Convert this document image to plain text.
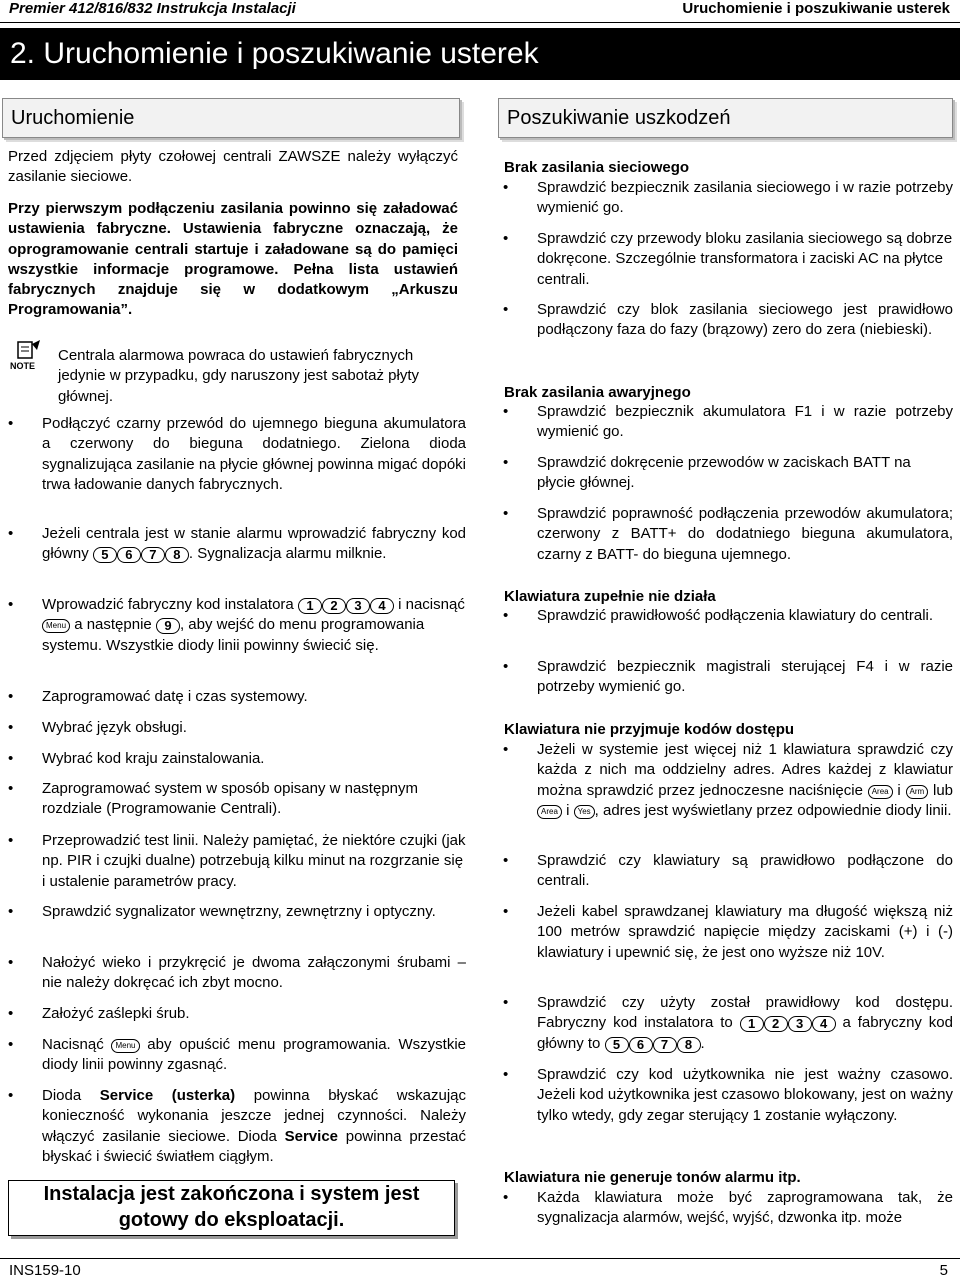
Premier 412/816/832 Instrukcja Instalacji	Uruchomienie i poszukiwanie usterek
2. Uruchomienie i poszukiwanie usterek
Uruchomienie	Poszukiwanie uszkodzeń

Przed zdjęciem płyty czołowej centrali ZAWSZE należy wyłączyć zasilanie sieciowe.

Przy pierwszym podłączeniu zasilania powinno się załadować ustawienia fabryczne. Ustawienia fabryczne oznaczają, że oprogramowanie centrali startuje i załadowane są do pamięci wszystkie informacje programowe. Pełna lista ustawień fabrycznych znajduje się w dodatkowym „Arkuszu Programowania”.

NOTE

Centrala alarmowa powraca do ustawień fabrycznych jedynie w przypadku, gdy naruszony jest sabotaż płyty głównej.

• Podłączyć czarny przewód do ujemnego bieguna akumulatora a czerwony do bieguna dodatniego. Zielona dioda sygnalizująca zasilanie na płycie głównej powinna migać dopóki trwa ładowanie danych fabrycznych.
• Jeżeli centrala jest w stanie alarmu wprowadzić fabryczny kod główny 5 6 7 8 . Sygnalizacja alarmu milknie.
• Wprowadzić fabryczny kod instalatora 1 2 3 4 i nacisnąć Menu a następnie 9 , aby wejść do menu programowania systemu. Wszystkie diody linii powinny świecić się.
• Zaprogramować datę i czas systemowy.
• Wybrać język obsługi.
• Wybrać kod kraju zainstalowania.
• Zaprogramować system w sposób opisany w następnym rozdziale (Programowanie Centrali).
• Przeprowadzić test linii. Należy pamiętać, że niektóre czujki (jak np. PIR i czujki dualne) potrzebują kilku minut na rozgrzanie się i ustalenie parametrów pracy.
• Sprawdzić sygnalizator wewnętrzny, zewnętrzny i optyczny.
• Nałożyć wieko i przykręcić je dwoma załączonymi śrubami – nie należy dokręcać ich zbyt mocno.
• Założyć zaślepki śrub.
• Nacisnąć Menu aby opuścić menu programowania. Wszystkie diody linii powinny zgasnąć.
• Dioda Service (usterka) powinna błyskać wskazując konieczność wykonania jeszcze jednej czynności. Należy włączyć zasilanie sieciowe. Dioda Service powinna przestać błyskać i świecić światłem ciągłym.
Instalacja jest zakończona i system jest gotowy do eksploatacji.
Brak zasilania sieciowego
• Sprawdzić bezpiecznik zasilania sieciowego i w razie potrzeby wymienić go.
• Sprawdzić czy przewody bloku zasilania sieciowego są dobrze dokręcone. Szczególnie transformatora i zaciski AC na płytce centrali.
• Sprawdzić czy blok zasilania sieciowego jest prawidłowo podłączony faza do fazy (brązowy) zero do zera (niebieski).
Brak zasilania awaryjnego
• Sprawdzić bezpiecznik akumulatora F1 i w razie potrzeby wymienić go.
• Sprawdzić dokręcenie przewodów w zaciskach BATT na płycie głównej.
• Sprawdzić poprawność podłączenia przewodów akumulatora; czerwony z BATT+ do dodatniego bieguna akumulatora, czarny z BATT- do bieguna ujemnego.
Klawiatura zupełnie nie działa
• Sprawdzić prawidłowość podłączenia klawiatury do centrali.
• Sprawdzić bezpiecznik magistrali sterującej F4 i w razie potrzeby wymienić go.
Klawiatura nie przyjmuje kodów dostępu
• Jeżeli w systemie jest więcej niż 1 klawiatura sprawdzić czy każda z nich ma oddzielny adres. Adres każdej z klawiatur można sprawdzić przez jednoczesne naciśnięcie Area i Arm lub Area i Yes , adres jest wyświetlany przez odpowiednie diody linii.
• Sprawdzić czy klawiatury są prawidłowo podłączone do centrali.
• Jeżeli kabel sprawdzanej klawiatury ma długość większą niż 100 metrów sprawdzić napięcie między zaciskami (+) i (-) klawiatury i upewnić się, że jest ono wyższe niż 10V.
• Sprawdzić czy użyty został prawidłowy kod dostępu. Fabryczny kod instalatora to 1 2 3 4 a fabryczny kod główny to 5 6 7 8 .
• Sprawdzić czy kod użytkownika nie jest ważny czasowo. Jeżeli kod użytkownika jest czasowo blokowany, jest on ważny tylko wtedy, gdy zegar sterujący 1 zostanie wyłączony.
Klawiatura nie generuje tonów alarmu itp.
• Każda klawiatura może być zaprogramowana tak, że sygnalizacja alarmów, wejść, wyjść, dzwonka itp. może
INS159-10	5
